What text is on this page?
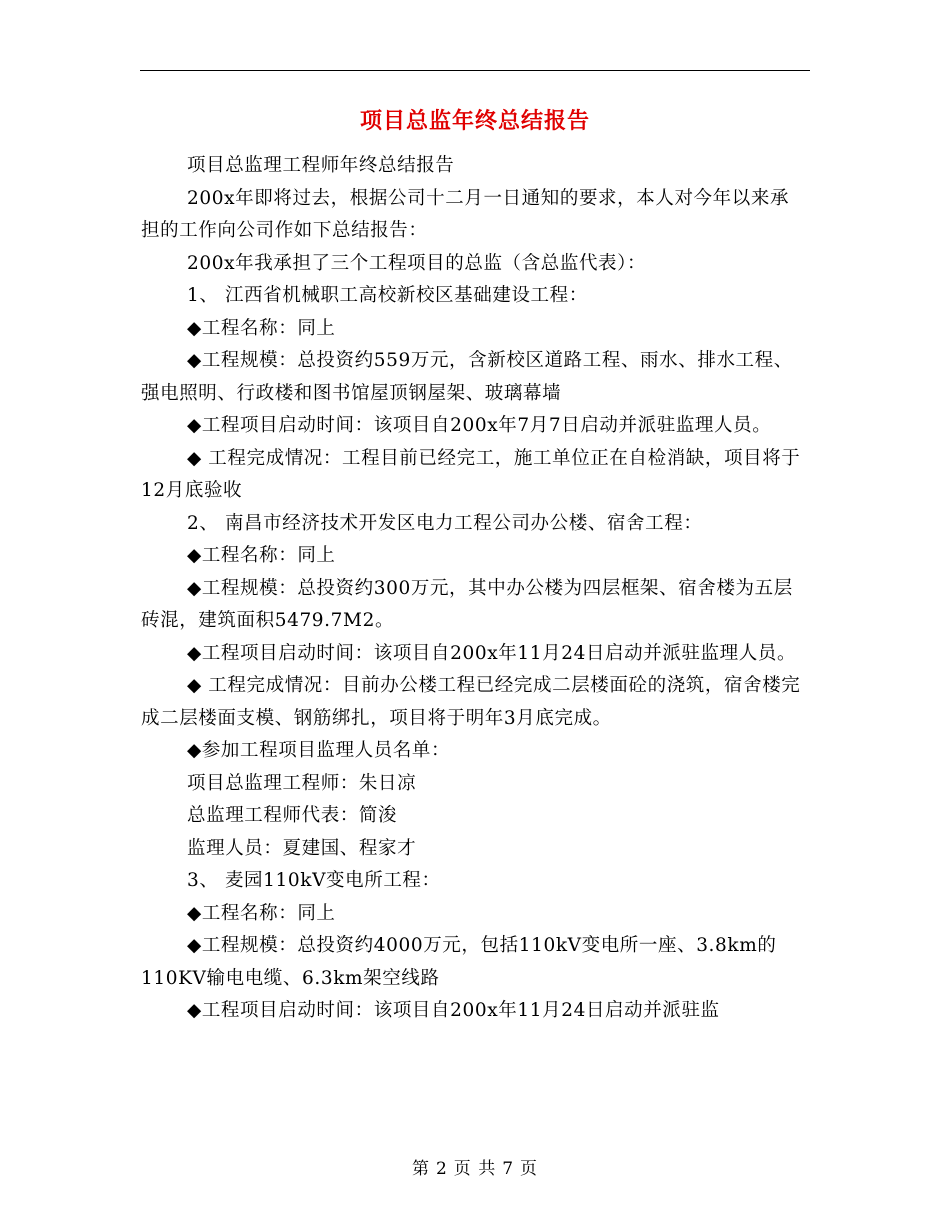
项目总监年终总结报告

项目总监理工程师年终总结报告

200x年即将过去，根据公司十二月一日通知的要求，本人对今年以来承担的工作向公司作如下总结报告：

200x年我承担了三个工程项目的总监（含总监代表）：

1、 江西省机械职工高校新校区基础建设工程：

◆工程名称：同上

◆工程规模：总投资约559万元，含新校区道路工程、雨水、排水工程、强电照明、行政楼和图书馆屋顶钢屋架、玻璃幕墙

◆工程项目启动时间：该项目自200x年7月7日启动并派驻监理人员。

◆ 工程完成情况：工程目前已经完工，施工单位正在自检消缺，项目将于12月底验收

2、 南昌市经济技术开发区电力工程公司办公楼、宿舍工程：

◆工程名称：同上

◆工程规模：总投资约300万元，其中办公楼为四层框架、宿舍楼为五层砖混，建筑面积5479.7M2。

◆工程项目启动时间：该项目自200x年11月24日启动并派驻监理人员。

◆ 工程完成情况：目前办公楼工程已经完成二层楼面砼的浇筑，宿舍楼完成二层楼面支模、钢筋绑扎，项目将于明年3月底完成。

◆参加工程项目监理人员名单：

项目总监理工程师：朱日凉

总监理工程师代表：简浚

监理人员：夏建国、程家才

3、 麦园110kV变电所工程：

◆工程名称：同上

◆工程规模：总投资约4000万元，包括110kV变电所一座、3.8km的110KV输电电缆、6.3km架空线路

◆工程项目启动时间：该项目自200x年11月24日启动并派驻监

第 2 页 共 7 页
